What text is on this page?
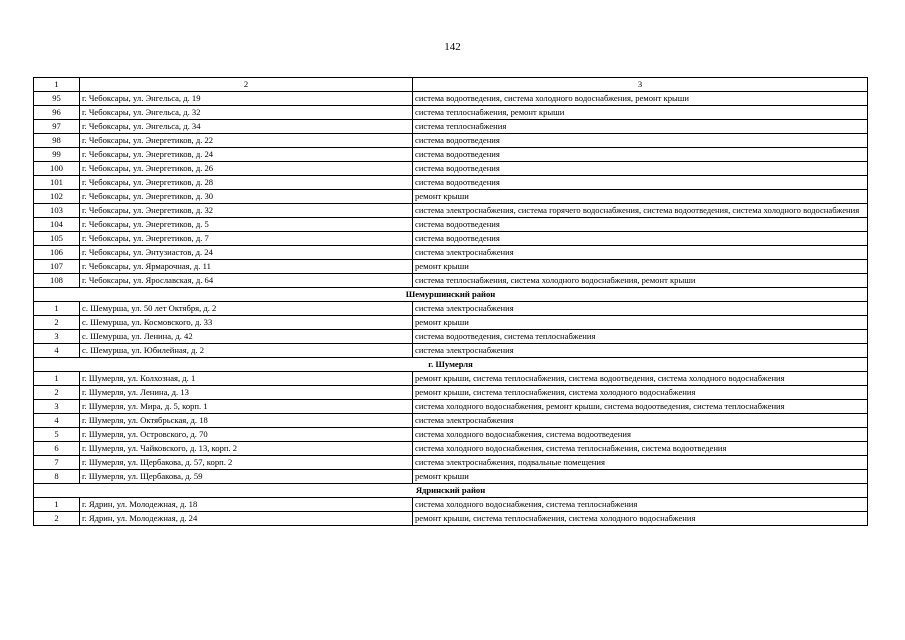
142
1	2	3
95	г. Чебоксары, ул. Энгельса, д. 19	система водоотведения, система холодного водоснабжения, ремонт крыши
96	г. Чебоксары, ул. Энгельса, д. 32	система теплоснабжения, ремонт крыши
97	г. Чебоксары, ул. Энгельса, д. 34	система теплоснабжения
98	г. Чебоксары, ул. Энергетиков, д. 22	система водоотведения
99	г. Чебоксары, ул. Энергетиков, д. 24	система водоотведения
100	г. Чебоксары, ул. Энергетиков, д. 26	система водоотведения
101	г. Чебоксары, ул. Энергетиков, д. 28	система водоотведения
102	г. Чебоксары, ул. Энергетиков, д. 30	ремонт крыши
103	г. Чебоксары, ул. Энергетиков, д. 32	система электроснабжения, система горячего водоснабжения, система водоотведения, система холодного водоснабжения
104	г. Чебоксары, ул. Энергетиков, д. 5	система водоотведения
105	г. Чебоксары, ул. Энергетиков, д. 7	система водоотведения
106	г. Чебоксары, ул. Энтузиастов, д. 24	система электроснабжения
107	г. Чебоксары, ул. Ярмарочная, д. 11	ремонт крыши
108	г. Чебоксары, ул. Ярославская, д. 64	система теплоснабжения, система холодного водоснабжения, ремонт крыши
Шемуршинский район		
1	с. Шемурша, ул. 50 лет Октября, д. 2	система электроснабжения
2	с. Шемурша, ул. Космовского, д. 33	ремонт крыши
3	с. Шемурша, ул. Ленина, д. 42	система водоотведения, система теплоснабжения
4	с. Шемурша, ул. Юбилейная, д. 2	система электроснабжения
г. Шумерля		
1	г. Шумерля, ул. Колхозная, д. 1	ремонт крыши, система теплоснабжения, система водоотведения, система холодного водоснабжения
2	г. Шумерля, ул. Ленина, д. 13	ремонт крыши, система теплоснабжения, система холодного водоснабжения
3	г. Шумерля, ул. Мира, д. 5, корп. 1	система холодного водоснабжения, ремонт крыши, система водоотведения, система теплоснабжения
4	г. Шумерля, ул. Октябрьская, д. 18	система электроснабжения
5	г. Шумерля, ул. Островского, д. 70	система холодного водоснабжения, система водоотведения
6	г. Шумерля, ул. Чайковского, д. 13, корп. 2	система холодного водоснабжения, система теплоснабжения, система водоотведения
7	г. Шумерля, ул. Щербакова, д. 57, корп. 2	система электроснабжения, подвальные помещения
8	г. Шумерля, ул. Щербакова, д. 59	ремонт крыши
Ядринский район		
1	г. Ядрин, ул. Молодежная, д. 18	система холодного водоснабжения, система теплоснабжения
2	г. Ядрин, ул. Молодежная, д. 24	ремонт крыши, система теплоснабжения, система холодного водоснабжения
